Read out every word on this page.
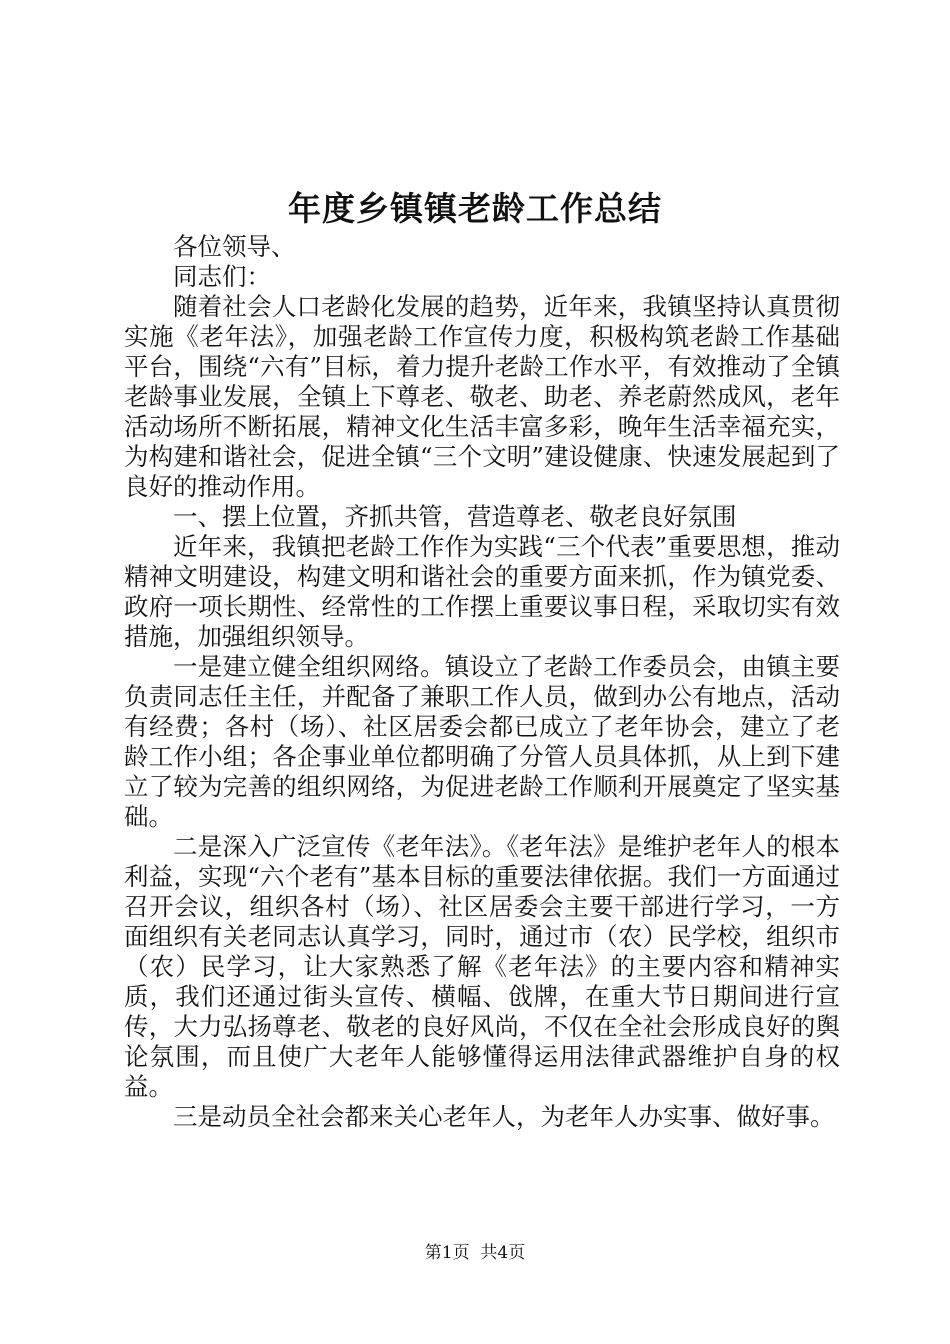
年度乡镇镇老龄工作总结

各位领导、

同志们：

随着社会人口老龄化发展的趋势，近年来，我镇坚持认真贯彻实施《老年法》，加强老龄工作宣传力度，积极构筑老龄工作基础平台，围绕“六有”目标，着力提升老龄工作水平，有效推动了全镇老龄事业发展，全镇上下尊老、敬老、助老、养老蔚然成风，老年活动场所不断拓展，精神文化生活丰富多彩，晚年生活幸福充实，为构建和谐社会，促进全镇“三个文明”建设健康、快速发展起到了良好的推动作用。

一、摆上位置，齐抓共管，营造尊老、敬老良好氛围

近年来，我镇把老龄工作作为实践“三个代表”重要思想，推动精神文明建设，构建文明和谐社会的重要方面来抓，作为镇党委、政府一项长期性、经常性的工作摆上重要议事日程，采取切实有效措施，加强组织领导。

一是建立健全组织网络。镇设立了老龄工作委员会，由镇主要负责同志任主任，并配备了兼职工作人员，做到办公有地点，活动有经费；各村（场）、社区居委会都已成立了老年协会，建立了老龄工作小组；各企事业单位都明确了分管人员具体抓，从上到下建立了较为完善的组织网络，为促进老龄工作顺利开展奠定了坚实基础。

二是深入广泛宣传《老年法》。《老年法》是维护老年人的根本利益，实现“六个老有”基本目标的重要法律依据。我们一方面通过召开会议，组织各村（场）、社区居委会主要干部进行学习，一方面组织有关老同志认真学习，同时，通过市（农）民学校，组织市（农）民学习，让大家熟悉了解《老年法》的主要内容和精神实质，我们还通过街头宣传、横幅、戗牌，在重大节日期间进行宣传，大力弘扬尊老、敬老的良好风尚，不仅在全社会形成良好的舆论氛围，而且使广大老年人能够懂得运用法律武器维护自身的权益。

三是动员全社会都来关心老年人，为老年人办实事、做好事。

第1页 共4页
